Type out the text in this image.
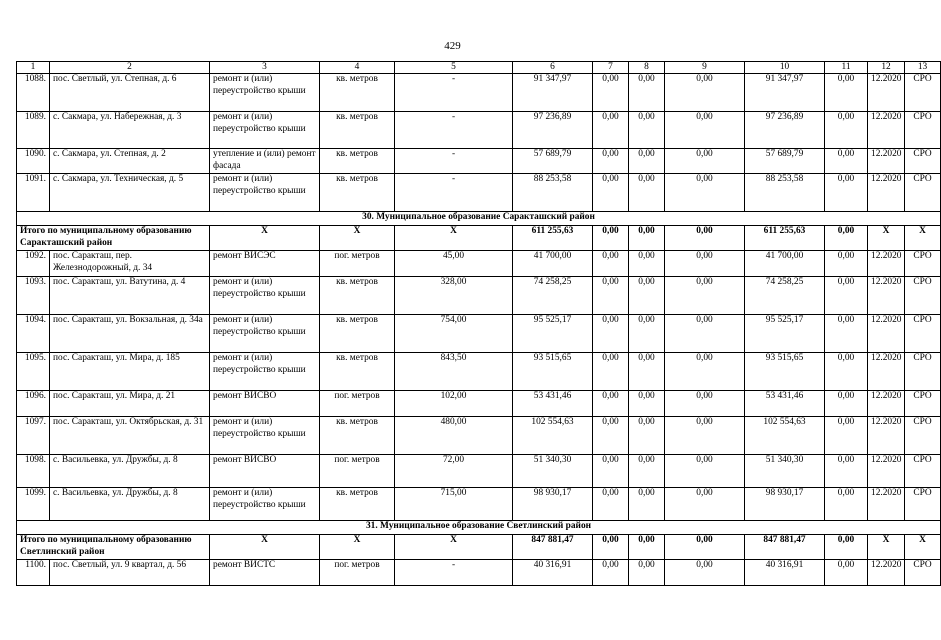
429
1	2	3	4	5	6	7	8	9	10	11	12	13
1088.	пос. Светлый, ул. Степная, д. 6	ремонт и (или) переустройство крыши	кв. метров	-	91 347,97	0,00	0,00	0,00	91 347,97	0,00	12.2020	СРО
1089.	с. Сакмара, ул. Набережная, д. 3	ремонт и (или) переустройство крыши	кв. метров	-	97 236,89	0,00	0,00	0,00	97 236,89	0,00	12.2020	СРО
1090.	с. Сакмара, ул. Степная, д. 2	утепление и (или) ремонт фасада	кв. метров	-	57 689,79	0,00	0,00	0,00	57 689,79	0,00	12.2020	СРО
1091.	с. Сакмара, ул. Техническая, д. 5	ремонт и (или) переустройство крыши	кв. метров	-	88 253,58	0,00	0,00	0,00	88 253,58	0,00	12.2020	СРО
30. Муниципальное образование Саракташский район												
Итого по муниципальному образованию Саракташский район		X	X	X	611 255,63	0,00	0,00	0,00	611 255,63	0,00	X	X
1092.	пос. Саракташ, пер. Железнодорожный, д. 34	ремонт ВИСЭС	пог. метров	45,00	41 700,00	0,00	0,00	0,00	41 700,00	0,00	12.2020	СРО
1093.	пос. Саракташ, ул. Ватутина, д. 4	ремонт и (или) переустройство крыши	кв. метров	328,00	74 258,25	0,00	0,00	0,00	74 258,25	0,00	12.2020	СРО
1094.	пос. Саракташ, ул. Вокзальная, д. 34а	ремонт и (или) переустройство крыши	кв. метров	754,00	95 525,17	0,00	0,00	0,00	95 525,17	0,00	12.2020	СРО
1095.	пос. Саракташ, ул. Мира, д. 185	ремонт и (или) переустройство крыши	кв. метров	843,50	93 515,65	0,00	0,00	0,00	93 515,65	0,00	12.2020	СРО
1096.	пос. Саракташ, ул. Мира, д. 21	ремонт ВИСВО	пог. метров	102,00	53 431,46	0,00	0,00	0,00	53 431,46	0,00	12.2020	СРО
1097.	пос. Саракташ, ул. Октябрьская, д. 31	ремонт и (или) переустройство крыши	кв. метров	480,00	102 554,63	0,00	0,00	0,00	102 554,63	0,00	12.2020	СРО
1098.	с. Васильевка, ул. Дружбы, д. 8	ремонт ВИСВО	пог. метров	72,00	51 340,30	0,00	0,00	0,00	51 340,30	0,00	12.2020	СРО
1099.	с. Васильевка, ул. Дружбы, д. 8	ремонт и (или) переустройство крыши	кв. метров	715,00	98 930,17	0,00	0,00	0,00	98 930,17	0,00	12.2020	СРО
31. Муниципальное образование Светлинский район												
Итого по муниципальному образованию Светлинский район		X	X	X	847 881,47	0,00	0,00	0,00	847 881,47	0,00	X	X
1100.	пос. Светлый, ул. 9 квартал, д. 56	ремонт ВИСТС	пог. метров	-	40 316,91	0,00	0,00	0,00	40 316,91	0,00	12.2020	СРО
